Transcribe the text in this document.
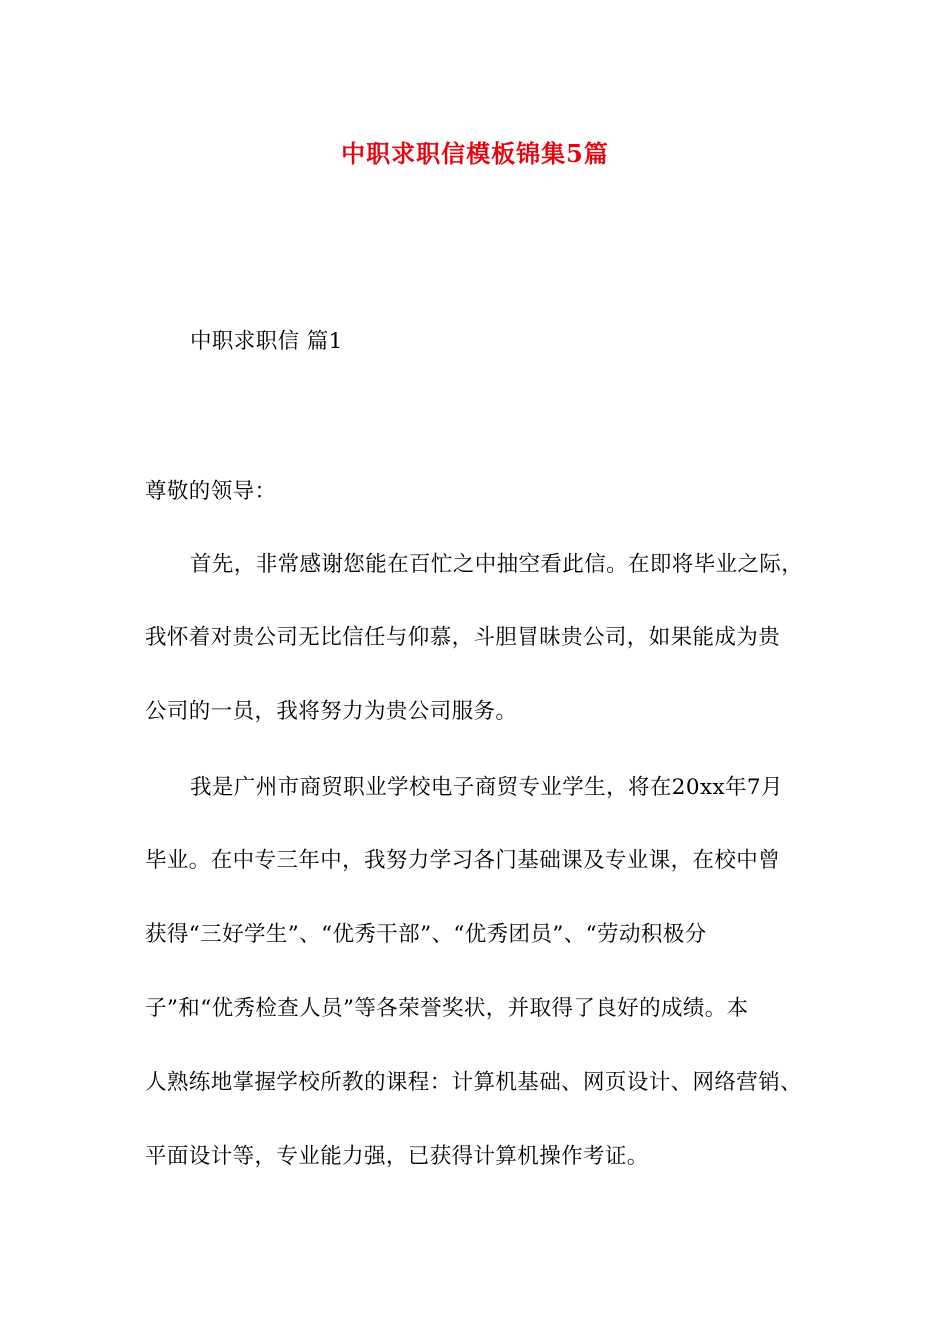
中职求职信模板锦集5篇
中职求职信 篇1
尊敬的领导：
首先，非常感谢您能在百忙之中抽空看此信。在即将毕业之际，
我怀着对贵公司无比信任与仰慕，斗胆冒昧贵公司，如果能成为贵
公司的一员，我将努力为贵公司服务。
我是广州市商贸职业学校电子商贸专业学生，将在20xx年7月
毕业。在中专三年中，我努力学习各门基础课及专业课，在校中曾
获得“三好学生”、“优秀干部”、“优秀团员”、“劳动积极分
子”和“优秀检查人员”等各荣誉奖状，并取得了良好的成绩。本
人熟练地掌握学校所教的课程：计算机基础、网页设计、网络营销、
平面设计等，专业能力强，已获得计算机操作考证。
